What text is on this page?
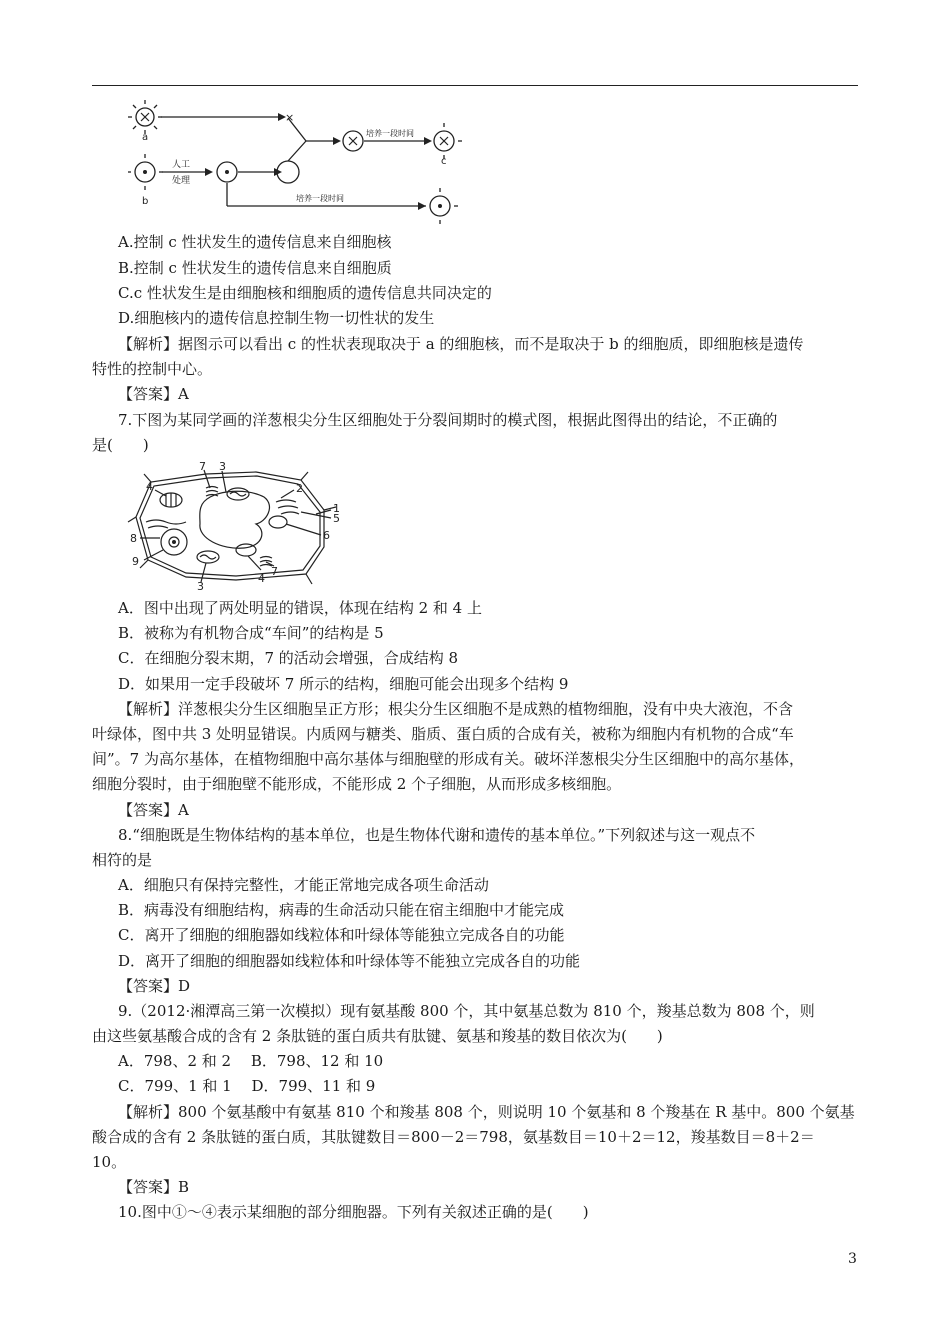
a
b
c
×
人工
处理
培养一段时间
培养一段时间
A.控制 c 性状发生的遗传信息来自细胞核
B.控制 c 性状发生的遗传信息来自细胞质
C.c 性状发生是由细胞核和细胞质的遗传信息共同决定的
D.细胞核内的遗传信息控制生物一切性状的发生
【解析】据图示可以看出 c 的性状表现取决于 a 的细胞核，而不是取决于 b 的细胞质，即细胞核是遗传
特性的控制中心。
【答案】A
7.下图为某同学画的洋葱根尖分生区细胞处于分裂间期时的模式图，根据此图得出的结论，不正确的
是(　　)
7 3
4	2
1
5
6
8
9
3
4
7
A．图中出现了两处明显的错误，体现在结构 2 和 4 上
B．被称为有机物合成“车间”的结构是 5
C．在细胞分裂末期，7 的活动会增强，合成结构 8
D．如果用一定手段破坏 7 所示的结构，细胞可能会出现多个结构 9
【解析】洋葱根尖分生区细胞呈正方形；根尖分生区细胞不是成熟的植物细胞，没有中央大液泡，不含
叶绿体，图中共 3 处明显错误。内质网与糖类、脂质、蛋白质的合成有关，被称为细胞内有机物的合成“车
间”。7 为高尔基体，在植物细胞中高尔基体与细胞壁的形成有关。破坏洋葱根尖分生区细胞中的高尔基体，
细胞分裂时，由于细胞壁不能形成，不能形成 2 个子细胞，从而形成多核细胞。
【答案】A
8.“细胞既是生物体结构的基本单位，也是生物体代谢和遗传的基本单位。”下列叙述与这一观点不
相符的是
A．细胞只有保持完整性，才能正常地完成各项生命活动
B．病毒没有细胞结构，病毒的生命活动只能在宿主细胞中才能完成
C．离开了细胞的细胞器如线粒体和叶绿体等能独立完成各自的功能
D．离开了细胞的细胞器如线粒体和叶绿体等不能独立完成各自的功能
【答案】D
9.（2012·湘潭高三第一次模拟）现有氨基酸 800 个，其中氨基总数为 810 个，羧基总数为 808 个，则
由这些氨基酸合成的含有 2 条肽链的蛋白质共有肽键、氨基和羧基的数目依次为(　　)
A．798、2 和 2　 B．798、12 和 10
C．799、1 和 1　 D．799、11 和 9
【解析】800 个氨基酸中有氨基 810 个和羧基 808 个，则说明 10 个氨基和 8 个羧基在 R 基中。800 个氨基
酸合成的含有 2 条肽链的蛋白质，其肽键数目＝800－2＝798，氨基数目＝10＋2＝12，羧基数目＝8＋2＝
10。
【答案】B
10.图中①～④表示某细胞的部分细胞器。下列有关叙述正确的是(　　)
3
